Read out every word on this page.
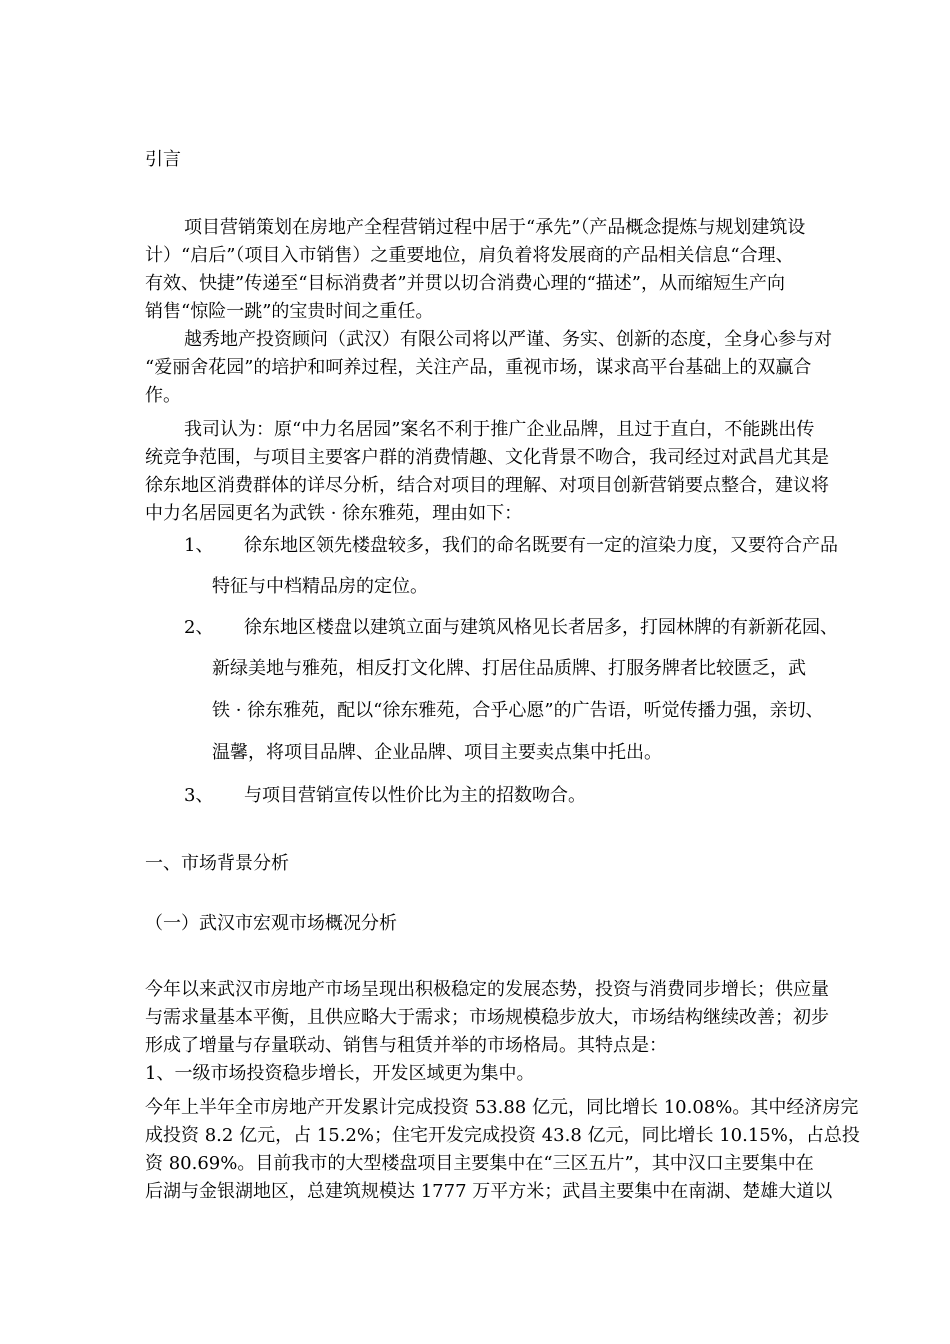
引言
项目营销策划在房地产全程营销过程中居于“承先”（产品概念提炼与规划建筑设
计）“启后”（项目入市销售）之重要地位，肩负着将发展商的产品相关信息“合理、
有效、快捷”传递至“目标消费者”并贯以切合消费心理的“描述”，从而缩短生产向
销售“惊险一跳”的宝贵时间之重任。
越秀地产投资顾问（武汉）有限公司将以严谨、务实、创新的态度，全身心参与对
“爱丽舍花园”的培护和呵养过程，关注产品，重视市场，谋求高平台基础上的双赢合
作。
我司认为：原“中力名居园”案名不利于推广企业品牌，且过于直白，不能跳出传
统竞争范围，与项目主要客户群的消费情趣、文化背景不吻合，我司经过对武昌尤其是
徐东地区消费群体的详尽分析，结合对项目的理解、对项目创新营销要点整合，建议将
中力名居园更名为武铁 · 徐东雅苑，理由如下：
1、 徐东地区领先楼盘较多，我们的命名既要有一定的渲染力度，又要符合产品
特征与中档精品房的定位。
2、 徐东地区楼盘以建筑立面与建筑风格见长者居多，打园林牌的有新新花园、
新绿美地与雅苑，相反打文化牌、打居住品质牌、打服务牌者比较匮乏，武
铁 · 徐东雅苑，配以“徐东雅苑，合乎心愿”的广告语，听觉传播力强，亲切、
温馨，将项目品牌、企业品牌、项目主要卖点集中托出。
3、 与项目营销宣传以性价比为主的招数吻合。
一、市场背景分析
（一）武汉市宏观市场概况分析
今年以来武汉市房地产市场呈现出积极稳定的发展态势，投资与消费同步增长；供应量
与需求量基本平衡，且供应略大于需求；市场规模稳步放大，市场结构继续改善；初步
形成了增量与存量联动、销售与租赁并举的市场格局。其特点是：
1、一级市场投资稳步增长，开发区域更为集中。
今年上半年全市房地产开发累计完成投资 53.88 亿元，同比增长 10.08%。其中经济房完
成投资 8.2 亿元，占 15.2%；住宅开发完成投资 43.8 亿元，同比增长 10.15%，占总投
资 80.69%。目前我市的大型楼盘项目主要集中在“三区五片”，其中汉口主要集中在
后湖与金银湖地区，总建筑规模达 1777 万平方米；武昌主要集中在南湖、楚雄大道以
